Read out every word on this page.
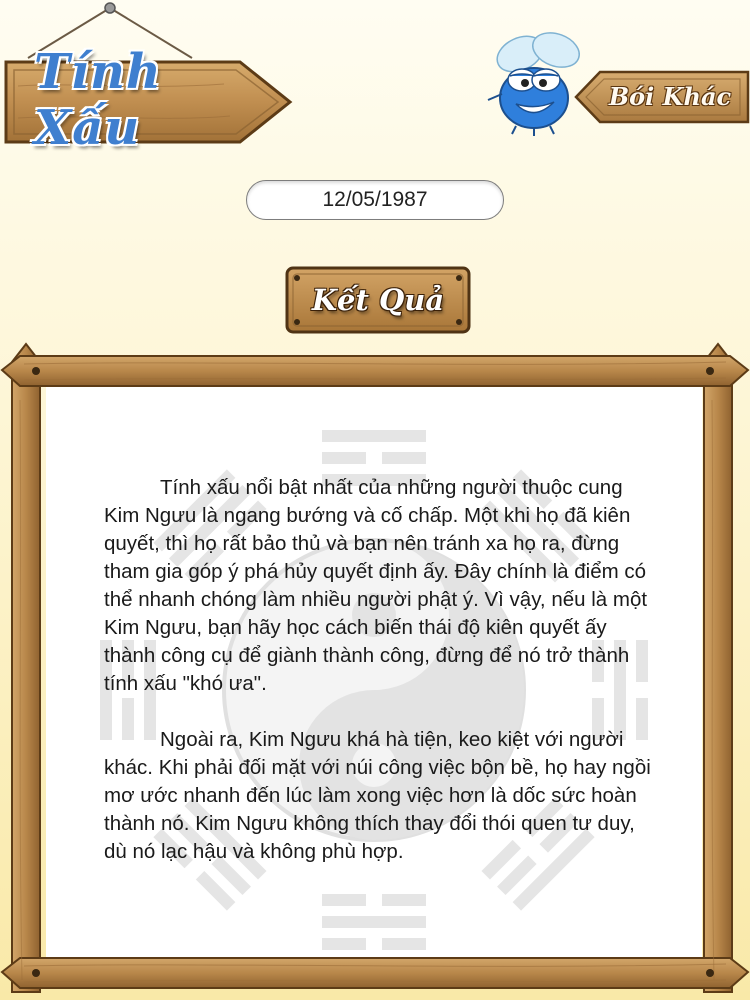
Tính Xấu
Bói Khác
12/05/1987
Kết Quả

Tính xấu nổi bật nhất của những người thuộc cung Kim Ngưu là ngang bướng và cố chấp. Một khi họ đã kiên quyết, thì họ rất bảo thủ và bạn nên tránh xa họ ra, đừng tham gia góp ý phá hủy quyết định ấy. Đây chính là điểm có thể nhanh chóng làm nhiều người phật ý. Vì vậy, nếu là một Kim Ngưu, bạn hãy học cách biến thái độ kiên quyết ấy thành công cụ để giành thành công, đừng để nó trở thành tính xấu "khó ưa".

Ngoài ra, Kim Ngưu khá hà tiện, keo kiệt với người khác. Khi phải đối mặt với núi công việc bộn bề, họ hay ngồi mơ ước nhanh đến lúc làm xong việc hơn là dốc sức hoàn thành nó. Kim Ngưu không thích thay đổi thói quen tư duy, dù nó lạc hậu và không phù hợp.
